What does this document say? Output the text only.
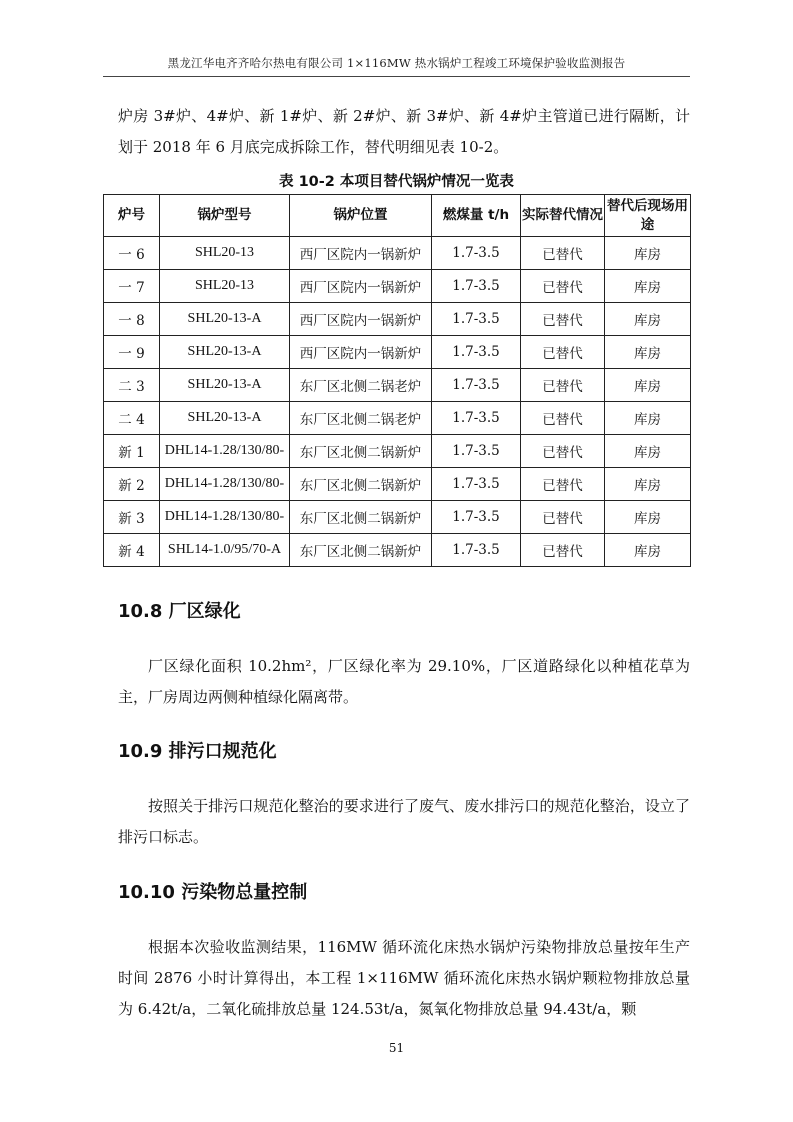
黑龙江华电齐齐哈尔热电有限公司 1×116MW 热水锅炉工程竣工环境保护验收监测报告

炉房 3#炉、4#炉、新 1#炉、新 2#炉、新 3#炉、新 4#炉主管道已进行隔断，计划于 2018 年 6 月底完成拆除工作，替代明细见表 10-2。

表 10-2 本项目替代锅炉情况一览表
炉号	锅炉型号	锅炉位置	燃煤量 t/h	实际替代情况	替代后现场用途
一 6	SHL20-13	西厂区院内一锅新炉	1.7-3.5	已替代	库房
一 7	SHL20-13	西厂区院内一锅新炉	1.7-3.5	已替代	库房
一 8	SHL20-13-A	西厂区院内一锅新炉	1.7-3.5	已替代	库房
一 9	SHL20-13-A	西厂区院内一锅新炉	1.7-3.5	已替代	库房
二 3	SHL20-13-A	东厂区北侧二锅老炉	1.7-3.5	已替代	库房
二 4	SHL20-13-A	东厂区北侧二锅老炉	1.7-3.5	已替代	库房
新 1	DHL14-1.28/130/80-	东厂区北侧二锅新炉	1.7-3.5	已替代	库房
新 2	DHL14-1.28/130/80-	东厂区北侧二锅新炉	1.7-3.5	已替代	库房
新 3	DHL14-1.28/130/80-	东厂区北侧二锅新炉	1.7-3.5	已替代	库房
新 4	SHL14-1.0/95/70-A	东厂区北侧二锅新炉	1.7-3.5	已替代	库房
10.8 厂区绿化

厂区绿化面积 10.2hm²，厂区绿化率为 29.10%，厂区道路绿化以种植花草为主，厂房周边两侧种植绿化隔离带。

10.9 排污口规范化

按照关于排污口规范化整治的要求进行了废气、废水排污口的规范化整治，设立了排污口标志。

10.10 污染物总量控制

根据本次验收监测结果，116MW 循环流化床热水锅炉污染物排放总量按年生产时间 2876 小时计算得出，本工程 1×116MW 循环流化床热水锅炉颗粒物排放总量为 6.42t/a，二氧化硫排放总量 124.53t/a，氮氧化物排放总量 94.43t/a，颗

51
